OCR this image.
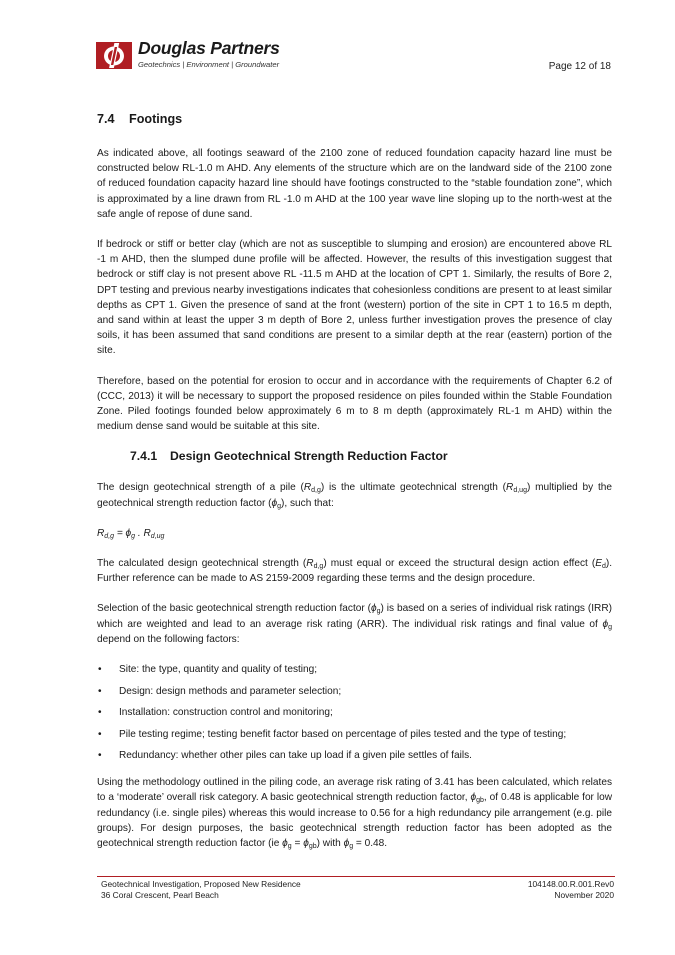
Douglas Partners
Geotechnics | Environment | Groundwater	Page 12 of 18
7.4 Footings

As indicated above, all footings seaward of the 2100 zone of reduced foundation capacity hazard line must be constructed below RL-1.0 m AHD. Any elements of the structure which are on the landward side of the 2100 zone of reduced foundation capacity hazard line should have footings constructed to the “stable foundation zone”, which is approximated by a line drawn from RL -1.0 m AHD at the 100 year wave line sloping up to the north-west at the safe angle of repose of dune sand.

If bedrock or stiff or better clay (which are not as susceptible to slumping and erosion) are encountered above RL -1 m AHD, then the slumped dune profile will be affected. However, the results of this investigation suggest that bedrock or stiff clay is not present above RL -11.5 m AHD at the location of CPT 1. Similarly, the results of Bore 2, DPT testing and previous nearby investigations indicates that cohesionless conditions are present to at least similar depths as CPT 1. Given the presence of sand at the front (western) portion of the site in CPT 1 to 16.5 m depth, and sand within at least the upper 3 m depth of Bore 2, unless further investigation proves the presence of clay soils, it has been assumed that sand conditions are present to a similar depth at the rear (eastern) portion of the site.

Therefore, based on the potential for erosion to occur and in accordance with the requirements of Chapter 6.2 of (CCC, 2013) it will be necessary to support the proposed residence on piles founded within the Stable Foundation Zone. Piled footings founded below approximately 6 m to 8 m depth (approximately RL-1 m AHD) within the medium dense sand would be suitable at this site.

7.4.1 Design Geotechnical Strength Reduction Factor

The design geotechnical strength of a pile $(R_{d,g})$ is the ultimate geotechnical strength $(R_{d,ug})$ multiplied by the geotechnical strength reduction factor $(\phi_g)$, such that:

$R_{d,g} = \phi_g$ . $R_{d,ug}$

The calculated design geotechnical strength $(R_{d,g})$ must equal or exceed the structural design action effect $(E_d)$. Further reference can be made to AS 2159-2009 regarding these terms and the design procedure.

Selection of the basic geotechnical strength reduction factor $(\phi_g)$ is based on a series of individual risk ratings (IRR) which are weighted and lead to an average risk rating (ARR). The individual risk ratings and final value of $\phi_g$ depend on the following factors:

• Site: the type, quantity and quality of testing;
• Design: design methods and parameter selection;
• Installation: construction control and monitoring;
• Pile testing regime; testing benefit factor based on percentage of piles tested and the type of testing;
• Redundancy: whether other piles can take up load if a given pile settles of fails.

Using the methodology outlined in the piling code, an average risk rating of 3.41 has been calculated, which relates to a ‘moderate’ overall risk category. A basic geotechnical strength reduction factor, $\phi_{gb}$, of 0.48 is applicable for low redundancy (i.e. single piles) whereas this would increase to 0.56 for a high redundancy pile arrangement (e.g. pile groups). For design purposes, the basic geotechnical strength reduction factor has been adopted as the geotechnical strength reduction factor (ie $\phi_g = \phi_{gb}$) with $\phi_g = 0.48$.

Geotechnical Investigation, Proposed New Residence
36 Coral Crescent, Pearl Beach
104148.00.R.001.Rev0
November 2020
